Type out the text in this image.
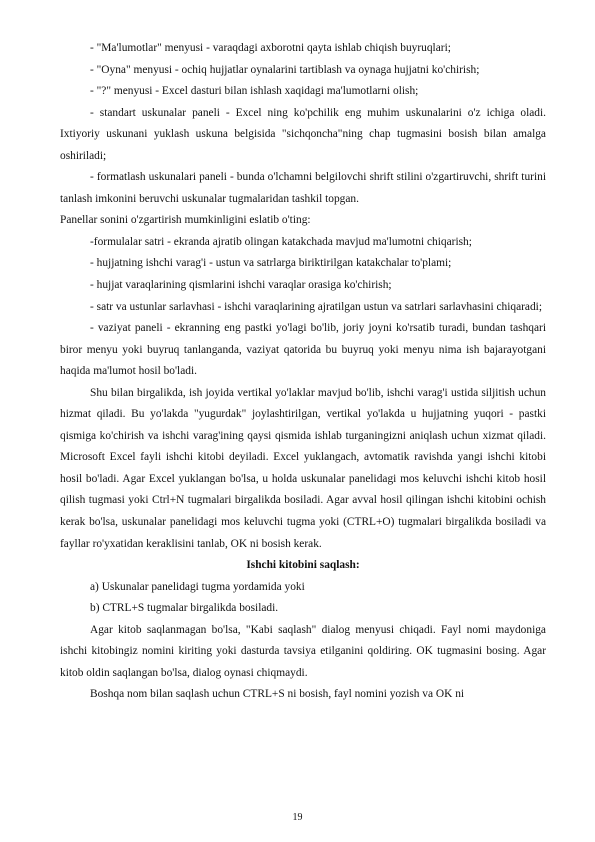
- "Ma'lumotlar" menyusi - varaqdagi axborotni qayta ishlab chiqish buyruqlari;

- "Oyna" menyusi - ochiq hujjatlar oynalarini tartiblash va oynaga hujjatni ko'chirish;

- "?" menyusi - Excel dasturi bilan ishlash xaqidagi ma'lumotlarni olish;

- standart uskunalar paneli - Excel ning ko'pchilik eng muhim uskunalarini o'z ichiga oladi. Ixtiyoriy uskunani yuklash uskuna belgisida "sichqoncha"ning chap tugmasini bosish bilan amalga oshiriladi;

- formatlash uskunalari paneli - bunda o'lchamni belgilovchi shrift stilini o'zgartiruvchi, shrift turini tanlash imkonini beruvchi uskunalar tugmalaridan tashkil topgan.

Panellar sonini o'zgartirish mumkinligini eslatib o'ting:

-formulalar satri - ekranda ajratib olingan katakchada mavjud ma'lumotni chiqarish;

- hujjatning ishchi varag'i - ustun va satrlarga biriktirilgan katakchalar to'plami;

- hujjat varaqlarining qismlarini ishchi varaqlar orasiga ko'chirish;

- satr va ustunlar sarlavhasi - ishchi varaqlarining ajratilgan ustun va satrlari sarlavhasini chiqaradi;

- vaziyat paneli - ekranning eng pastki yo'lagi bo'lib, joriy joyni ko'rsatib turadi, bundan tashqari biror menyu yoki buyruq tanlanganda, vaziyat qatorida bu buyruq yoki menyu nima ish bajarayotgani haqida ma'lumot hosil bo'ladi.

Shu bilan birgalikda, ish joyida vertikal yo'laklar mavjud bo'lib, ishchi varag'i ustida siljitish uchun hizmat qiladi. Bu yo'lakda "yugurdak" joylashtirilgan, vertikal yo'lakda u hujjatning yuqori - pastki qismiga ko'chirish va ishchi varag'ining qaysi qismida ishlab turganingizni aniqlash uchun xizmat qiladi. Microsoft Excel fayli ishchi kitobi deyiladi. Excel yuklangach, avtomatik ravishda yangi ishchi kitobi hosil bo'ladi. Agar Excel yuklangan bo'lsa, u holda uskunalar panelidagi mos keluvchi ishchi kitob hosil qilish tugmasi yoki Ctrl+N tugmalari birgalikda bosiladi. Agar avval hosil qilingan ishchi kitobini ochish kerak bo'lsa, uskunalar panelidagi mos keluvchi tugma yoki (CTRL+O) tugmalari birgalikda bosiladi va fayllar ro'yxatidan keraklisini tanlab, OK ni bosish kerak.

Ishchi kitobini saqlash:

a) Uskunalar panelidagi tugma yordamida yoki

b) CTRL+S tugmalar birgalikda bosiladi.

Agar kitob saqlanmagan bo'lsa, "Kabi saqlash" dialog menyusi chiqadi. Fayl nomi maydoniga ishchi kitobingiz nomini kiriting yoki dasturda tavsiya etilganini qoldiring. OK tugmasini bosing. Agar kitob oldin saqlangan bo'lsa, dialog oynasi chiqmaydi.

Boshqa nom bilan saqlash uchun CTRL+S ni bosish, fayl nomini yozish va OK ni

19
